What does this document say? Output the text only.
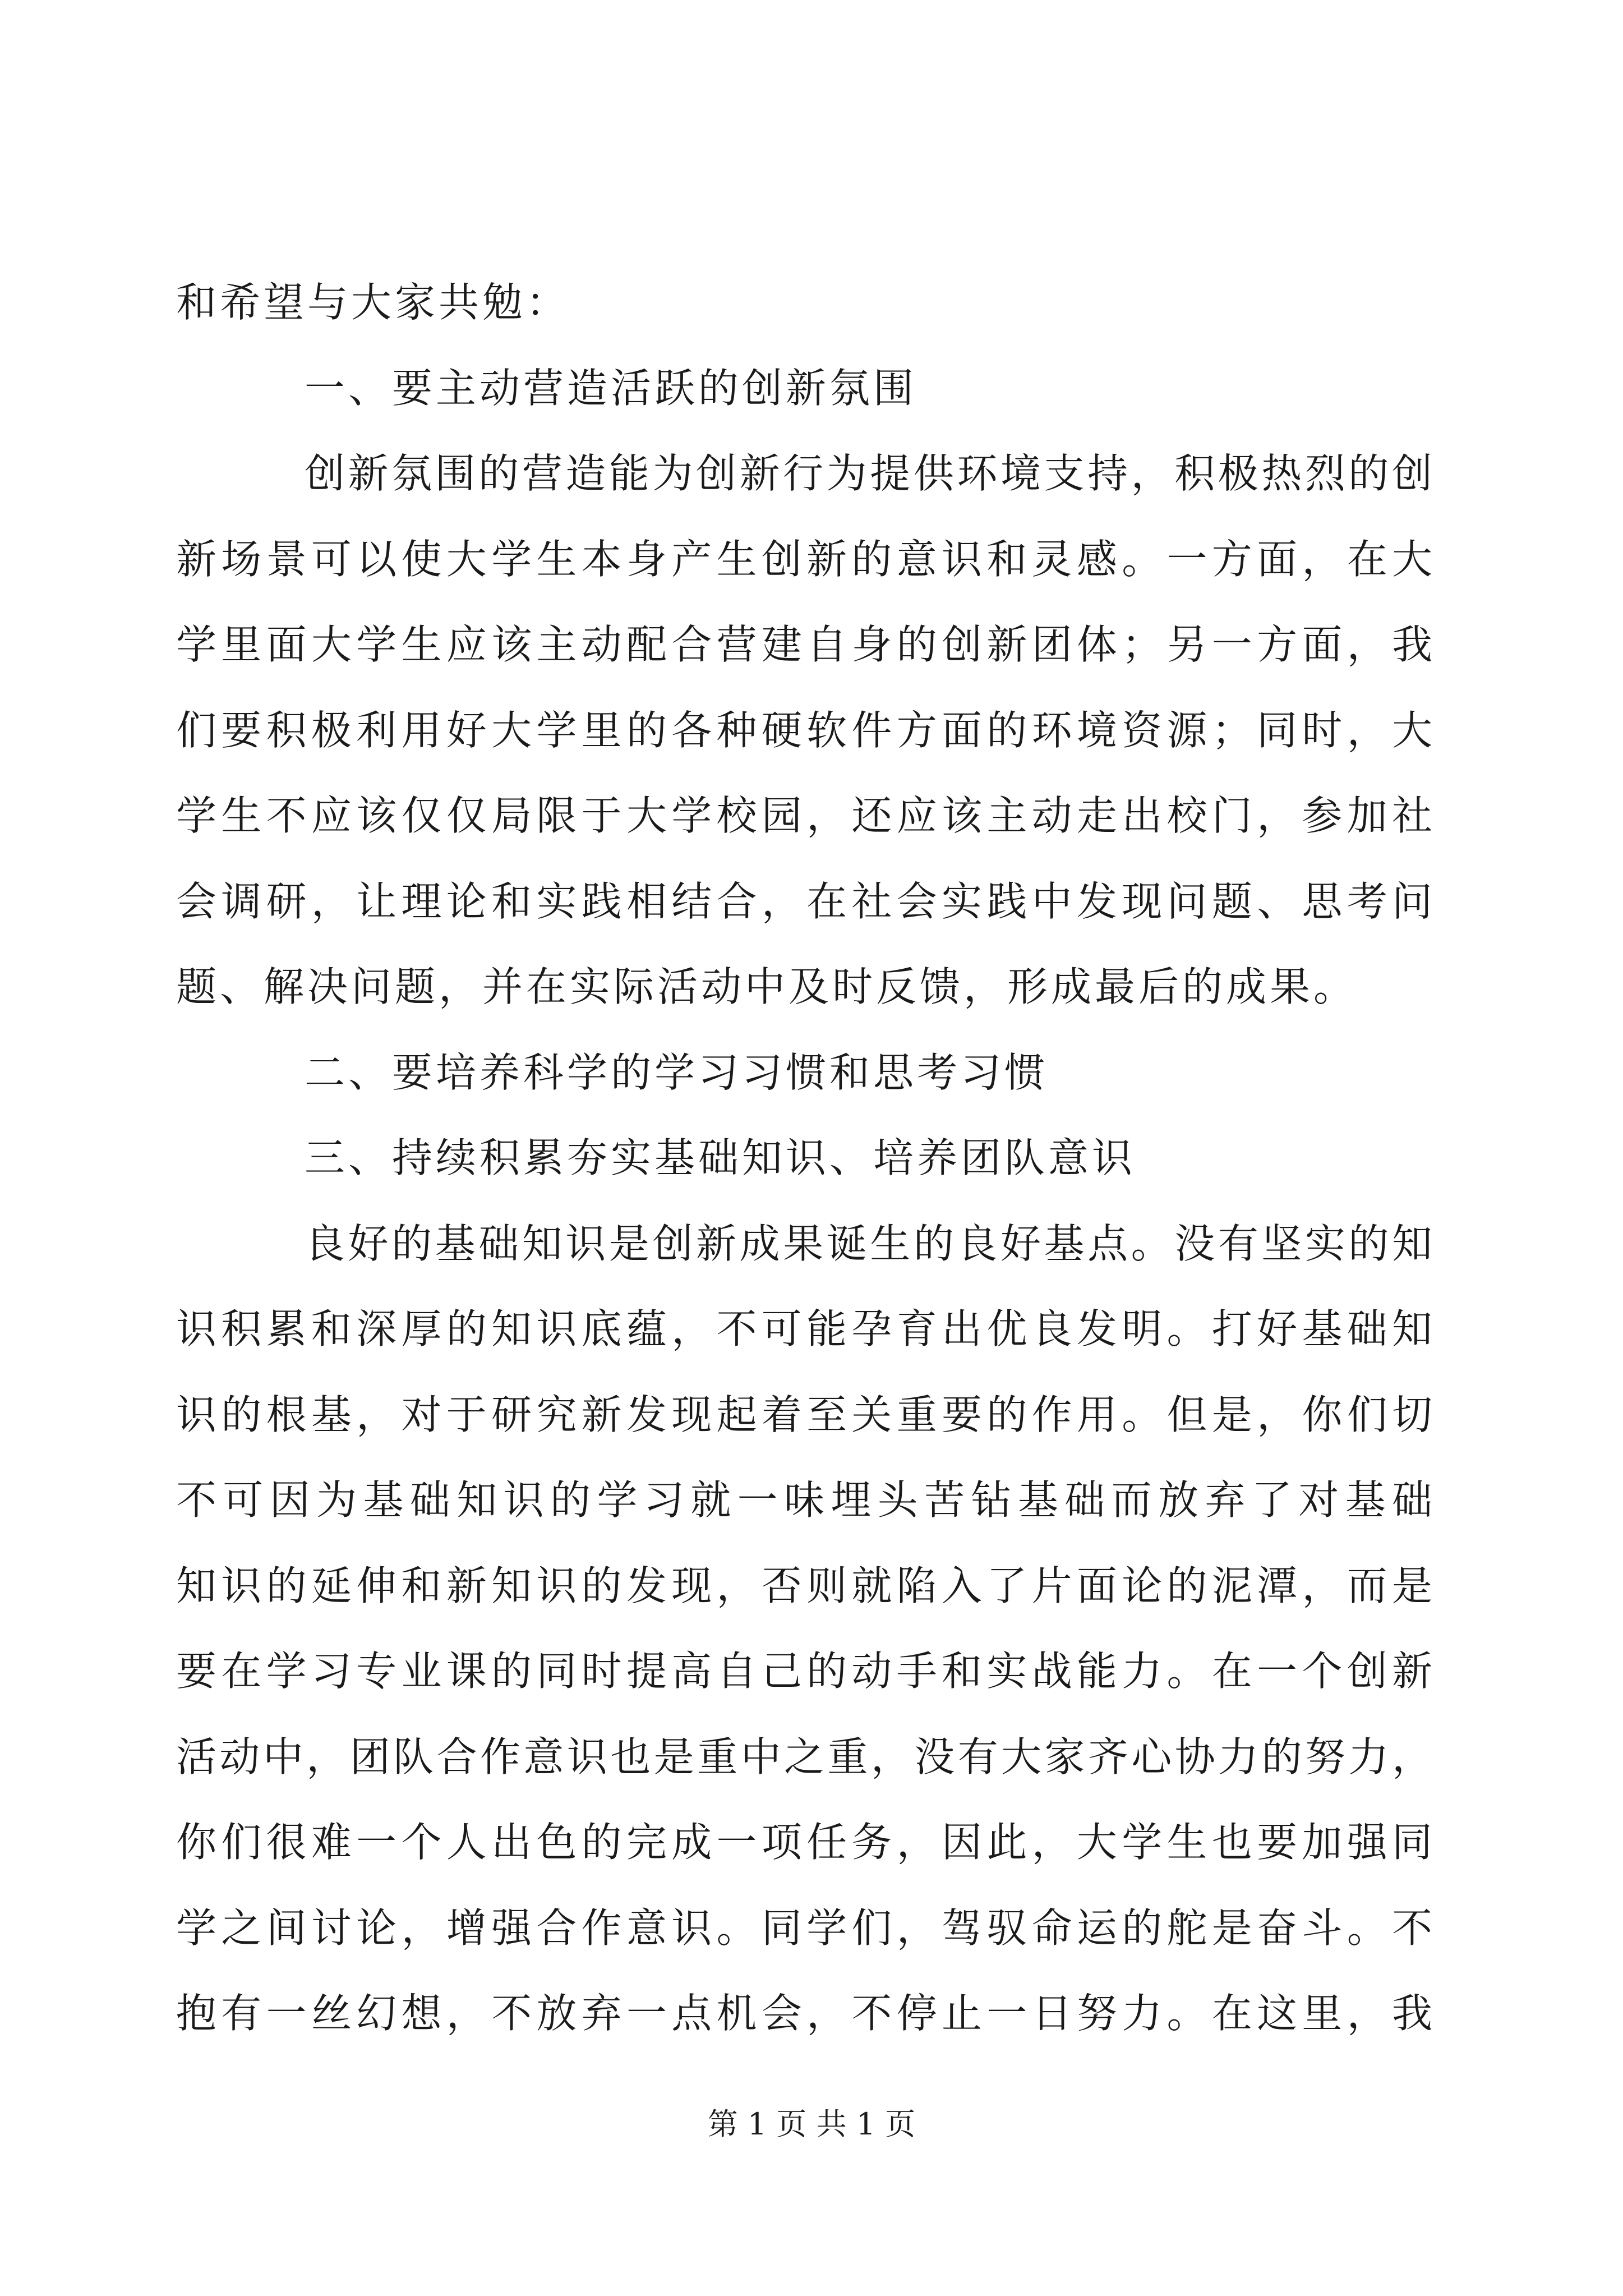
和希望与大家共勉：
一、要主动营造活跃的创新氛围
创新氛围的营造能为创新行为提供环境支持，积极热烈的创
新场景可以使大学生本身产生创新的意识和灵感。一方面，在大
学里面大学生应该主动配合营建自身的创新团体；另一方面，我
们要积极利用好大学里的各种硬软件方面的环境资源；同时，大
学生不应该仅仅局限于大学校园，还应该主动走出校门，参加社
会调研，让理论和实践相结合，在社会实践中发现问题、思考问
题、解决问题，并在实际活动中及时反馈，形成最后的成果。
二、要培养科学的学习习惯和思考习惯
三、持续积累夯实基础知识、培养团队意识
良好的基础知识是创新成果诞生的良好基点。没有坚实的知
识积累和深厚的知识底蕴，不可能孕育出优良发明。打好基础知
识的根基，对于研究新发现起着至关重要的作用。但是，你们切
不可因为基础知识的学习就一味埋头苦钻基础而放弃了对基础
知识的延伸和新知识的发现，否则就陷入了片面论的泥潭，而是
要在学习专业课的同时提高自己的动手和实战能力。在一个创新
活动中，团队合作意识也是重中之重，没有大家齐心协力的努力，
你们很难一个人出色的完成一项任务，因此，大学生也要加强同
学之间讨论，增强合作意识。同学们，驾驭命运的舵是奋斗。不
抱有一丝幻想，不放弃一点机会，不停止一日努力。在这里，我
第 1 页 共 1 页
